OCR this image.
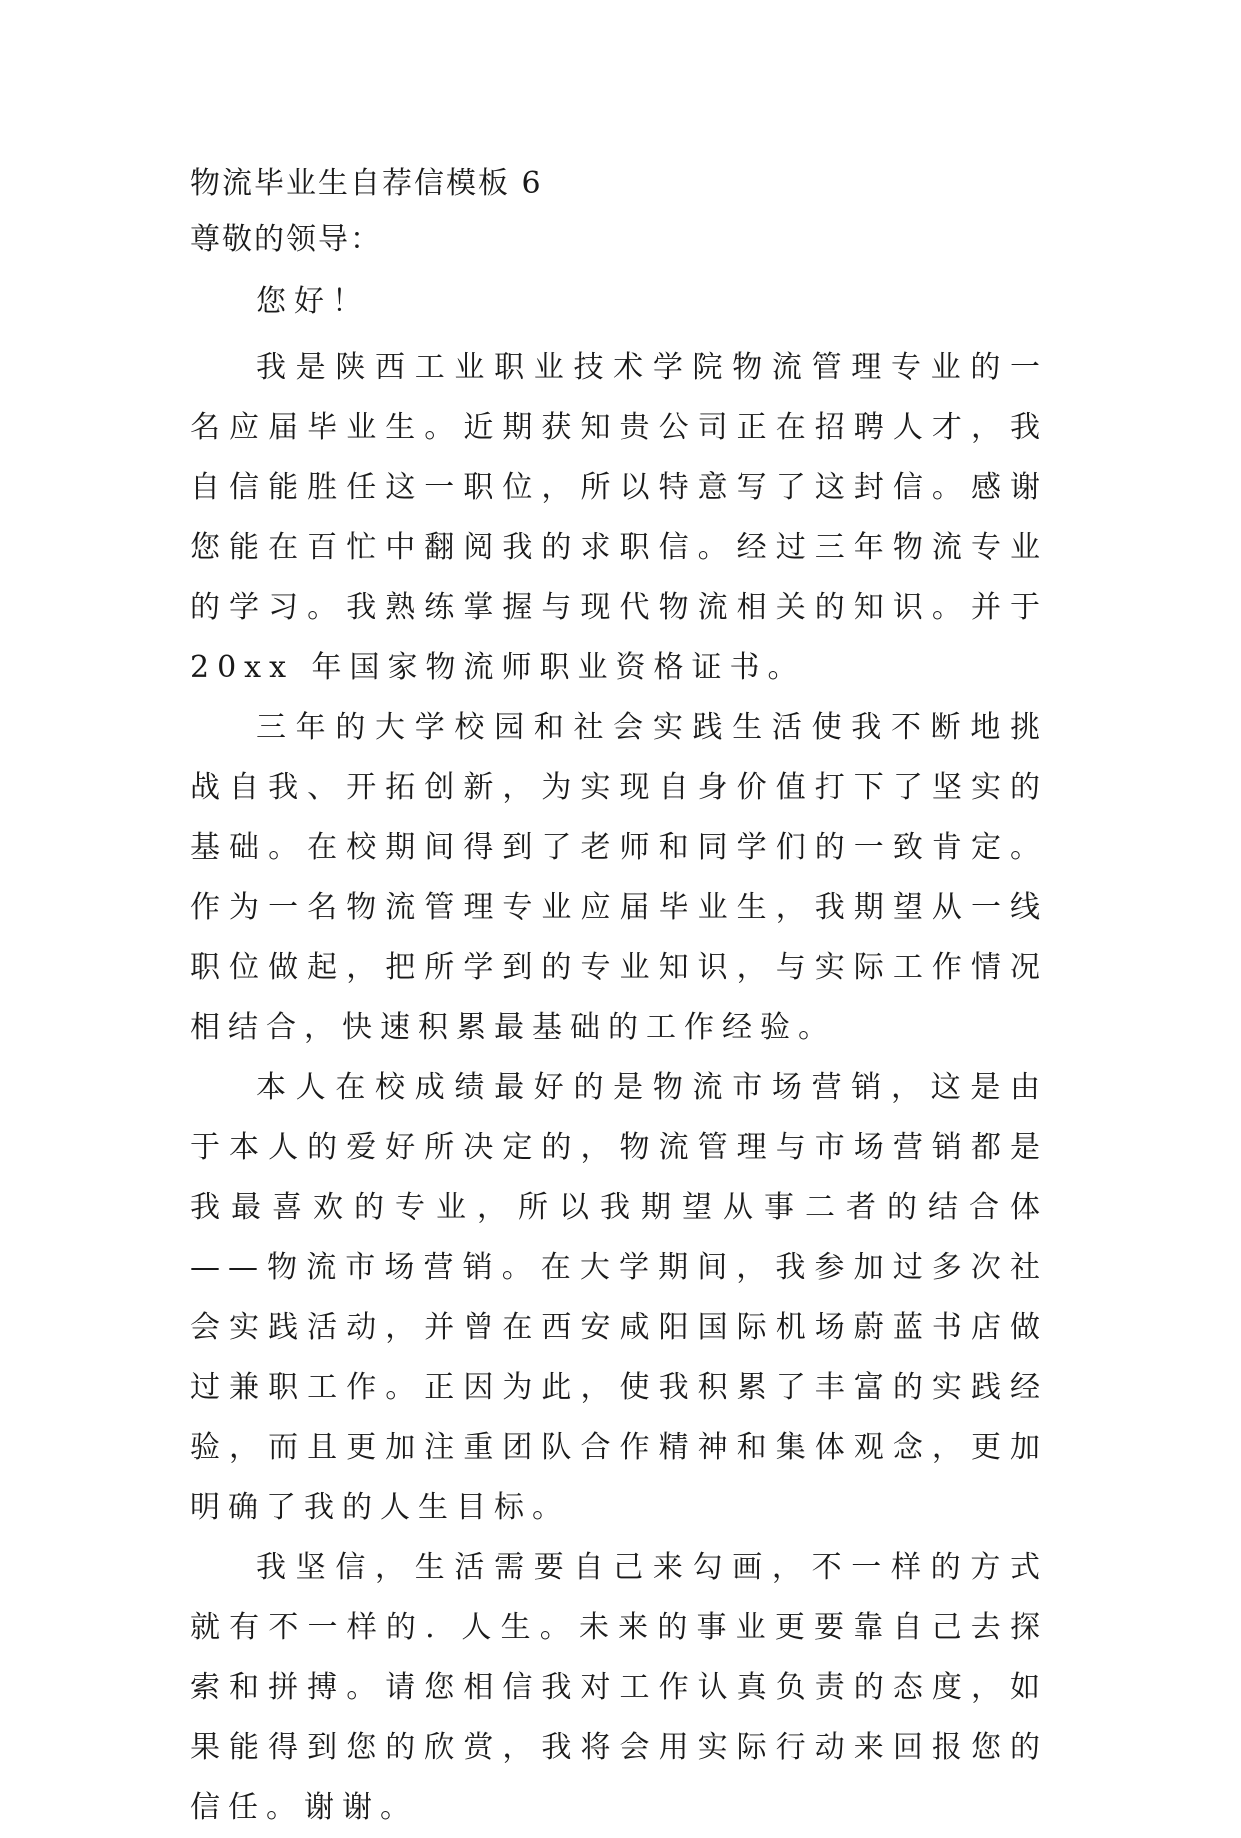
物流毕业生自荐信模板 6

尊敬的领导：

您好！

我是陕西工业职业技术学院物流管理专业的一名应届毕业生。近期获知贵公司正在招聘人才，我自信能胜任这一职位，所以特意写了这封信。感谢您能在百忙中翻阅我的求职信。经过三年物流专业的学习。我熟练掌握与现代物流相关的知识。并于 20xx 年国家物流师职业资格证书。

三年的大学校园和社会实践生活使我不断地挑战自我、开拓创新，为实现自身价值打下了坚实的基础。在校期间得到了老师和同学们的一致肯定。作为一名物流管理专业应届毕业生，我期望从一线职位做起，把所学到的专业知识，与实际工作情况相结合，快速积累最基础的工作经验。

本人在校成绩最好的是物流市场营销，这是由于本人的爱好所决定的，物流管理与市场营销都是我最喜欢的专业，所以我期望从事二者的结合体——物流市场营销。在大学期间，我参加过多次社会实践活动，并曾在西安咸阳国际机场蔚蓝书店做过兼职工作。正因为此，使我积累了丰富的实践经验，而且更加注重团队合作精神和集体观念，更加明确了我的人生目标。

我坚信，生活需要自己来勾画，不一样的方式就有不一样的. 人生。未来的事业更要靠自己去探索和拼搏。请您相信我对工作认真负责的态度，如果能得到您的欣赏，我将会用实际行动来回报您的信任。谢谢。
